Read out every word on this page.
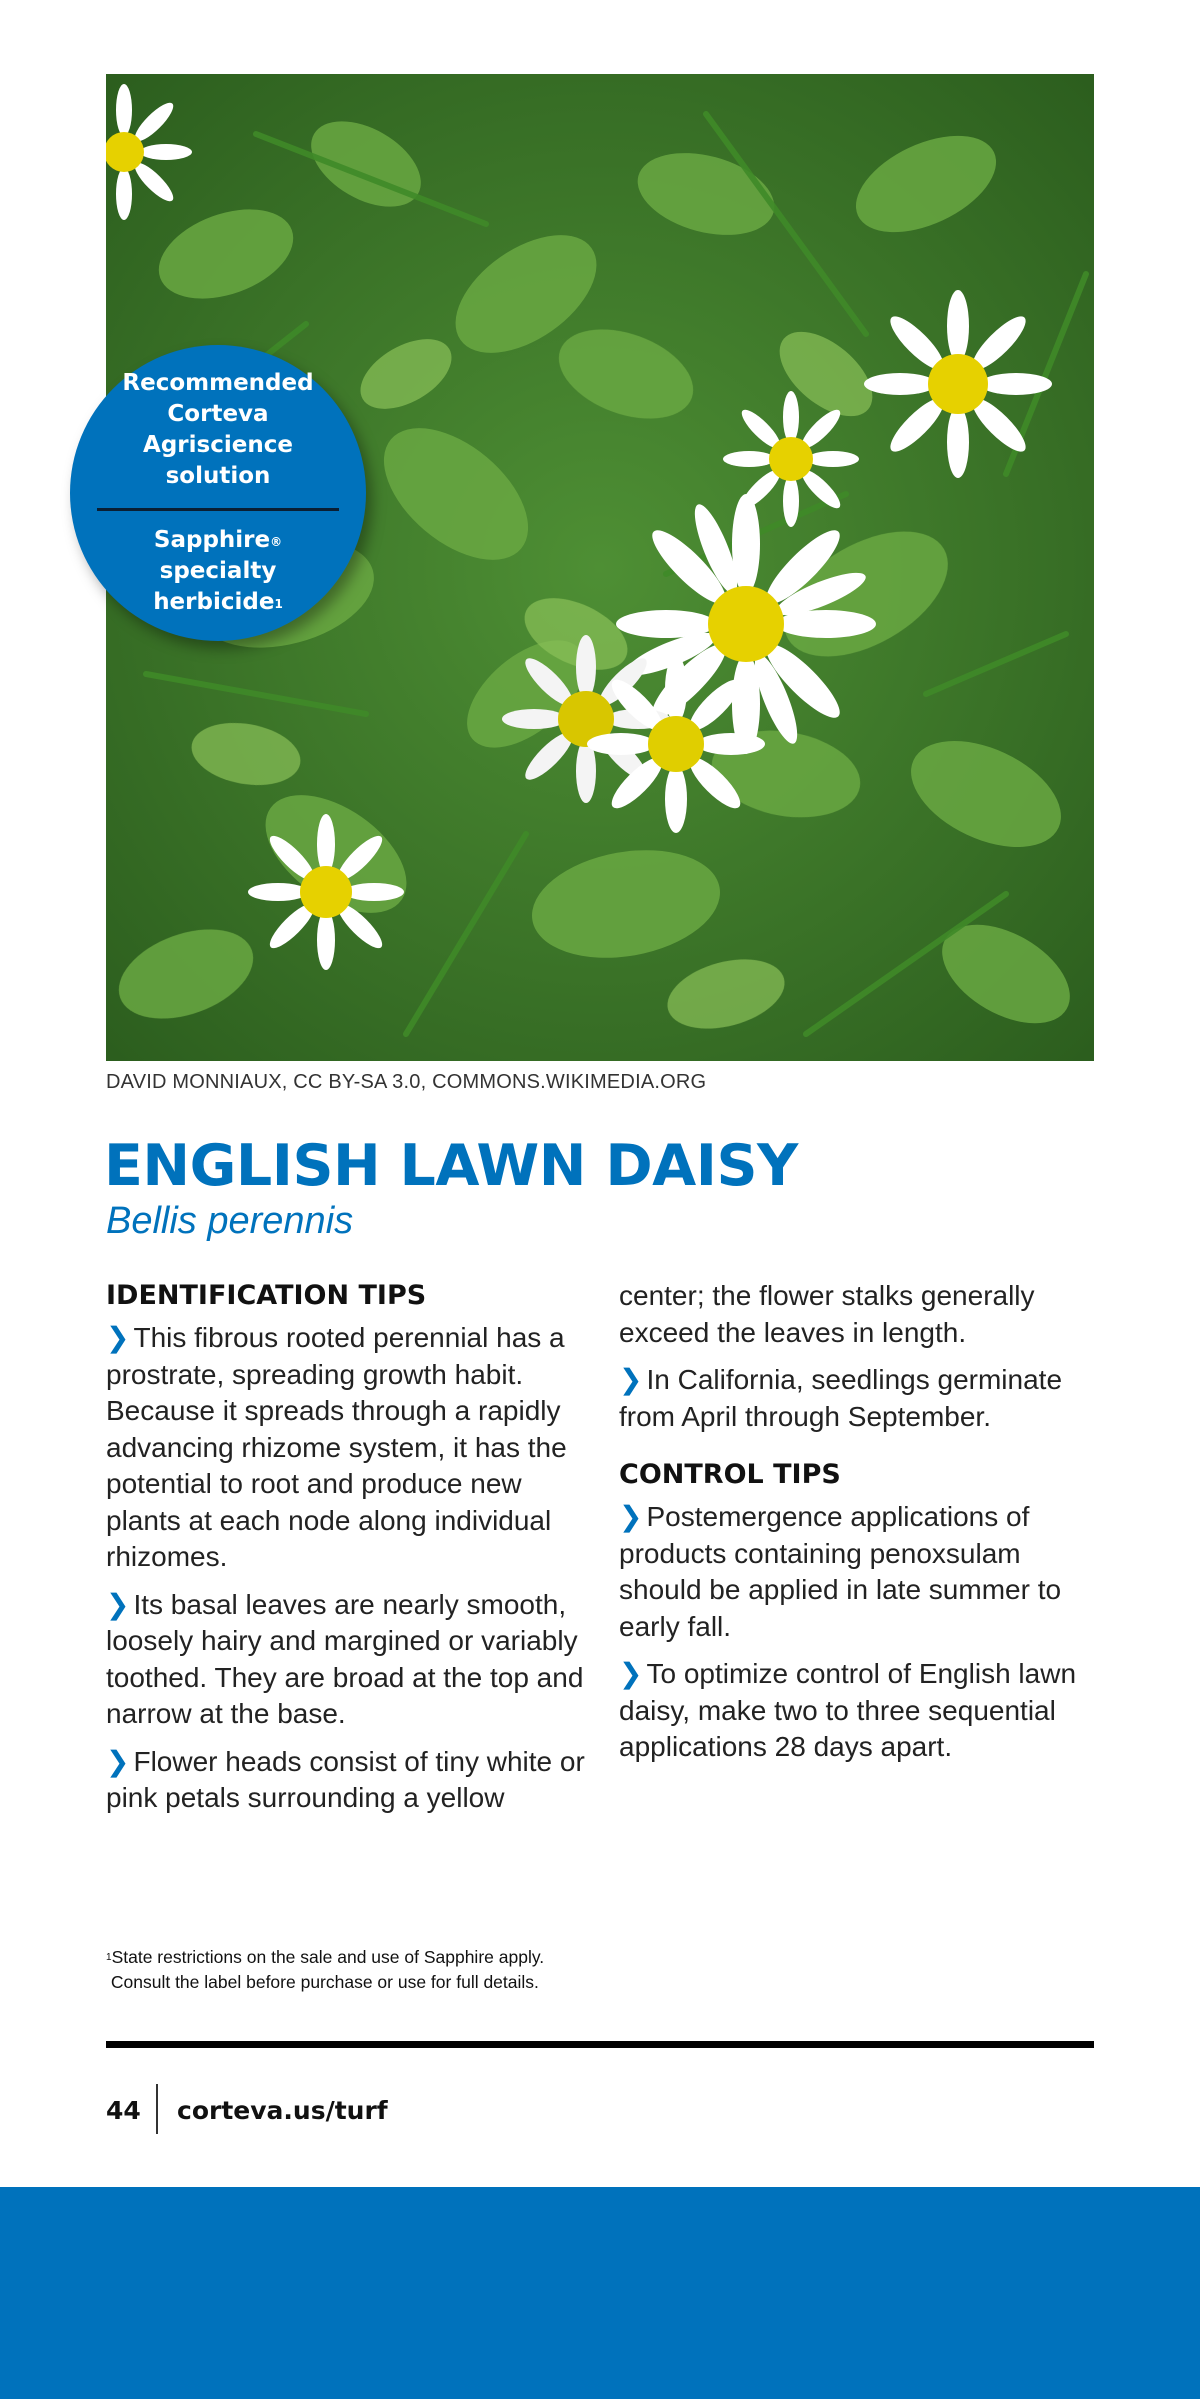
Recommended
Corteva Agriscience
solution
Sapphire® specialty
herbicide$^1$
DAVID MONNIAUX, CC BY-SA 3.0, COMMONS.WIKIMEDIA.ORG
ENGLISH LAWN DAISY
Bellis perennis
IDENTIFICATION TIPS

❯ This fibrous rooted perennial has a prostrate, spreading growth habit. Because it spreads through a rapidly advancing rhizome system, it has the potential to root and produce new plants at each node along individual rhizomes.

❯ Its basal leaves are nearly smooth, loosely hairy and margined or variably toothed. They are broad at the top and narrow at the base.

❯ Flower heads consist of tiny white or pink petals surrounding a yellow

center; the flower stalks generally exceed the leaves in length.

❯ In California, seedlings germinate from April through September.

CONTROL TIPS

❯ Postemergence applications of products containing penoxsulam should be applied in late summer to early fall.

❯ To optimize control of English lawn daisy, make two to three sequential applications 28 days apart.

$^1$State restrictions on the sale and use of Sapphire apply.
Consult the label before purchase or use for full details.
44 corteva.us/turf
